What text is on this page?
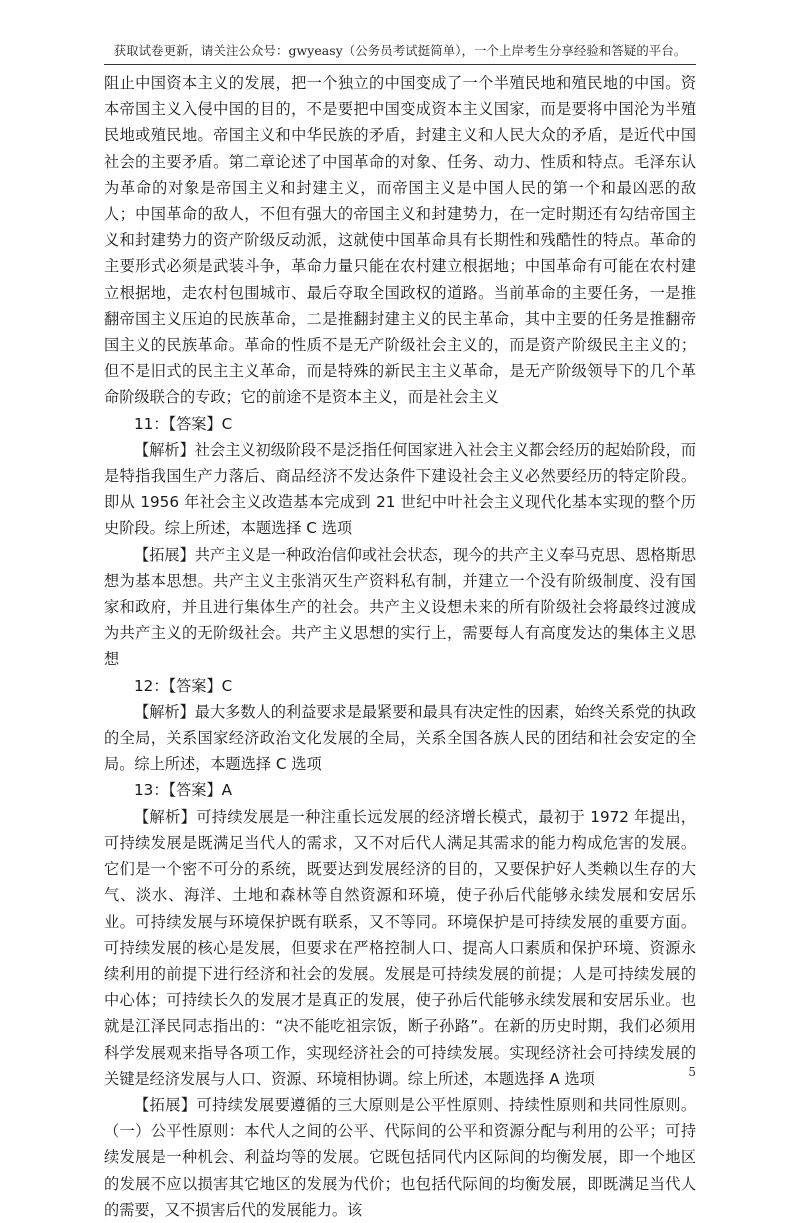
获取试卷更新，请关注公众号：gwyeasy（公务员考试挺简单），一个上岸考生分享经验和答疑的平台。

阻止中国资本主义的发展，把一个独立的中国变成了一个半殖民地和殖民地的中国。资本帝国主义入侵中国的目的，不是要把中国变成资本主义国家，而是要将中国沦为半殖民地或殖民地。帝国主义和中华民族的矛盾，封建主义和人民大众的矛盾，是近代中国社会的主要矛盾。第二章论述了中国革命的对象、任务、动力、性质和特点。毛泽东认为革命的对象是帝国主义和封建主义，而帝国主义是中国人民的第一个和最凶恶的敌人；中国革命的敌人，不但有强大的帝国主义和封建势力，在一定时期还有勾结帝国主义和封建势力的资产阶级反动派，这就使中国革命具有长期性和残酷性的特点。革命的主要形式必须是武装斗争，革命力量只能在农村建立根据地；中国革命有可能在农村建立根据地，走农村包围城市、最后夺取全国政权的道路。当前革命的主要任务，一是推翻帝国主义压迫的民族革命，二是推翻封建主义的民主革命，其中主要的任务是推翻帝国主义的民族革命。革命的性质不是无产阶级社会主义的，而是资产阶级民主主义的；但不是旧式的民主主义革命，而是特殊的新民主主义革命，是无产阶级领导下的几个革命阶级联合的专政；它的前途不是资本主义，而是社会主义

11：【答案】C

【解析】社会主义初级阶段不是泛指任何国家进入社会主义都会经历的起始阶段，而是特指我国生产力落后、商品经济不发达条件下建设社会主义必然要经历的特定阶段。即从 1956 年社会主义改造基本完成到 21 世纪中叶社会主义现代化基本实现的整个历史阶段。综上所述，本题选择 C 选项

【拓展】共产主义是一种政治信仰或社会状态，现今的共产主义奉马克思、恩格斯思想为基本思想。共产主义主张消灭生产资料私有制，并建立一个没有阶级制度、没有国家和政府，并且进行集体生产的社会。共产主义设想未来的所有阶级社会将最终过渡成为共产主义的无阶级社会。共产主义思想的实行上，需要每人有高度发达的集体主义思想

12：【答案】C

【解析】最大多数人的利益要求是最紧要和最具有决定性的因素，始终关系党的执政的全局，关系国家经济政治文化发展的全局，关系全国各族人民的团结和社会安定的全局。综上所述，本题选择 C 选项

13：【答案】A

【解析】可持续发展是一种注重长远发展的经济增长模式，最初于 1972 年提出，可持续发展是既满足当代人的需求，又不对后代人满足其需求的能力构成危害的发展。它们是一个密不可分的系统，既要达到发展经济的目的，又要保护好人类赖以生存的大气、淡水、海洋、土地和森林等自然资源和环境，使子孙后代能够永续发展和安居乐业。可持续发展与环境保护既有联系，又不等同。环境保护是可持续发展的重要方面。可持续发展的核心是发展，但要求在严格控制人口、提高人口素质和保护环境、资源永续利用的前提下进行经济和社会的发展。发展是可持续发展的前提；人是可持续发展的中心体；可持续长久的发展才是真正的发展，使子孙后代能够永续发展和安居乐业。也就是江泽民同志指出的：“决不能吃祖宗饭，断子孙路”。在新的历史时期，我们必须用科学发展观来指导各项工作，实现经济社会的可持续发展。实现经济社会可持续发展的关键是经济发展与人口、资源、环境相协调。综上所述，本题选择 A 选项

【拓展】可持续发展要遵循的三大原则是公平性原则、持续性原则和共同性原则。（一）公平性原则：本代人之间的公平、代际间的公平和资源分配与利用的公平；可持续发展是一种机会、利益均等的发展。它既包括同代内区际间的均衡发展，即一个地区的发展不应以损害其它地区的发展为代价；也包括代际间的均衡发展，即既满足当代人的需要，又不损害后代的发展能力。该

5
